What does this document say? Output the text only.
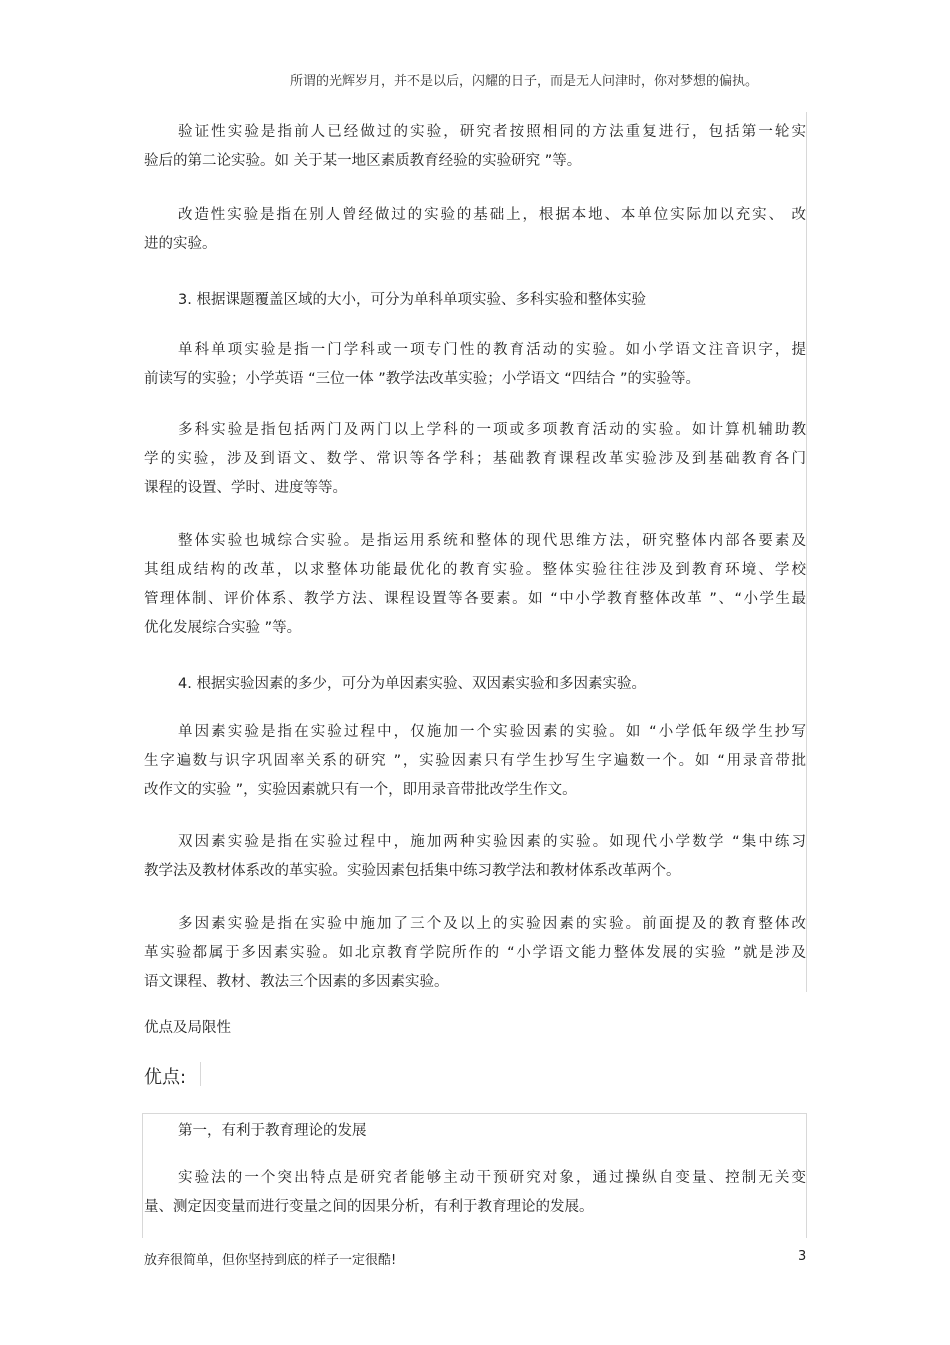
所谓的光辉岁月，并不是以后，闪耀的日子，而是无人问津时，你对梦想的偏执。
验证性实验是指前人已经做过的实验，研究者按照相同的方法重复进行，包括第一轮实
验后的第二论实验。如 关于某一地区素质教育经验的实验研究 ”等。
改造性实验是指在别人曾经做过的实验的基础上，根据本地、本单位实际加以充实、 改
进的实验。
3. 根据课题覆盖区域的大小，可分为单科单项实验、多科实验和整体实验
单科单项实验是指一门学科或一项专门性的教育活动的实验。如小学语文注音识字，提
前读写的实验；小学英语 “三位一体 ”教学法改革实验；小学语文 “四结合 ”的实验等。
多科实验是指包括两门及两门以上学科的一项或多项教育活动的实验。如计算机辅助教
学的实验，涉及到语文、数学、常识等各学科；基础教育课程改革实验涉及到基础教育各门
课程的设置、学时、进度等等。
整体实验也城综合实验。是指运用系统和整体的现代思维方法，研究整体内部各要素及
其组成结构的改革，以求整体功能最优化的教育实验。整体实验往往涉及到教育环境、学校
管理体制、评价体系、教学方法、课程设置等各要素。如 “中小学教育整体改革 ”、“小学生最
优化发展综合实验 ”等。
4. 根据实验因素的多少，可分为单因素实验、双因素实验和多因素实验。
单因素实验是指在实验过程中，仅施加一个实验因素的实验。如 “小学低年级学生抄写
生字遍数与识字巩固率关系的研究 ”，实验因素只有学生抄写生字遍数一个。如 “用录音带批
改作文的实验 ”，实验因素就只有一个，即用录音带批改学生作文。
双因素实验是指在实验过程中，施加两种实验因素的实验。如现代小学数学 “集中练习
教学法及教材体系改的革实验。实验因素包括集中练习教学法和教材体系改革两个。
多因素实验是指在实验中施加了三个及以上的实验因素的实验。前面提及的教育整体改
革实验都属于多因素实验。如北京教育学院所作的 “小学语文能力整体发展的实验 ”就是涉及
语文课程、教材、教法三个因素的多因素实验。
优点及局限性
优点:
第一，有利于教育理论的发展
实验法的一个突出特点是研究者能够主动干预研究对象，通过操纵自变量、控制无关变
量、测定因变量而进行变量之间的因果分析，有利于教育理论的发展。
放弃很简单，但你坚持到底的样子一定很酷!	3
